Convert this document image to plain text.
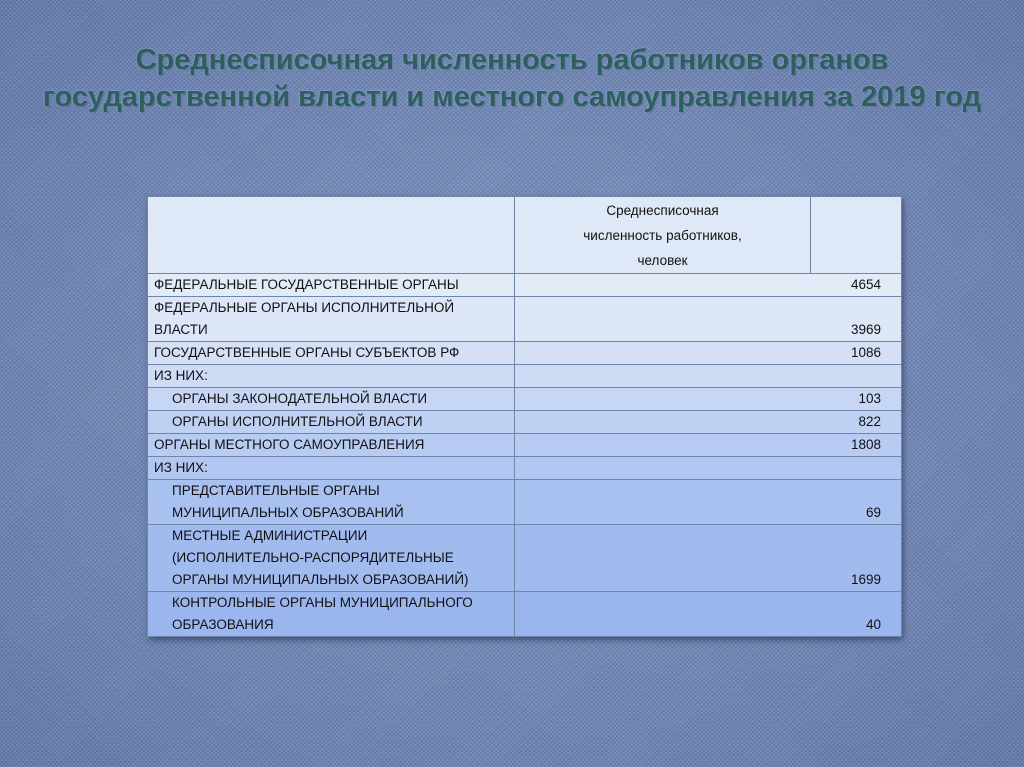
Среднесписочная численность работников органов государственной власти и местного самоуправления за 2019 год

	Среднесписочная
численность работников,
человек	

ФЕДЕРАЛЬНЫЕ ГОСУДАРСТВЕННЫЕ ОРГАНЫ	4654	

ФЕДЕРАЛЬНЫЕ ОРГАНЫ ИСПОЛНИТЕЛЬНОЙ
ВЛАСТИ	3969	

ГОСУДАРСТВЕННЫЕ ОРГАНЫ СУБЪЕКТОВ РФ	1086	

ИЗ НИХ:		

ОРГАНЫ ЗАКОНОДАТЕЛЬНОЙ ВЛАСТИ	103	

ОРГАНЫ ИСПОЛНИТЕЛЬНОЙ ВЛАСТИ	822	

ОРГАНЫ МЕСТНОГО САМОУПРАВЛЕНИЯ	1808	

ИЗ НИХ:		

ПРЕДСТАВИТЕЛЬНЫЕ ОРГАНЫ
МУНИЦИПАЛЬНЫХ ОБРАЗОВАНИЙ	69	

МЕСТНЫЕ АДМИНИСТРАЦИИ
(ИСПОЛНИТЕЛЬНО-РАСПОРЯДИТЕЛЬНЫЕ
ОРГАНЫ МУНИЦИПАЛЬНЫХ ОБРАЗОВАНИЙ)	1699	

КОНТРОЛЬНЫЕ ОРГАНЫ МУНИЦИПАЛЬНОГО
ОБРАЗОВАНИЯ	40	
